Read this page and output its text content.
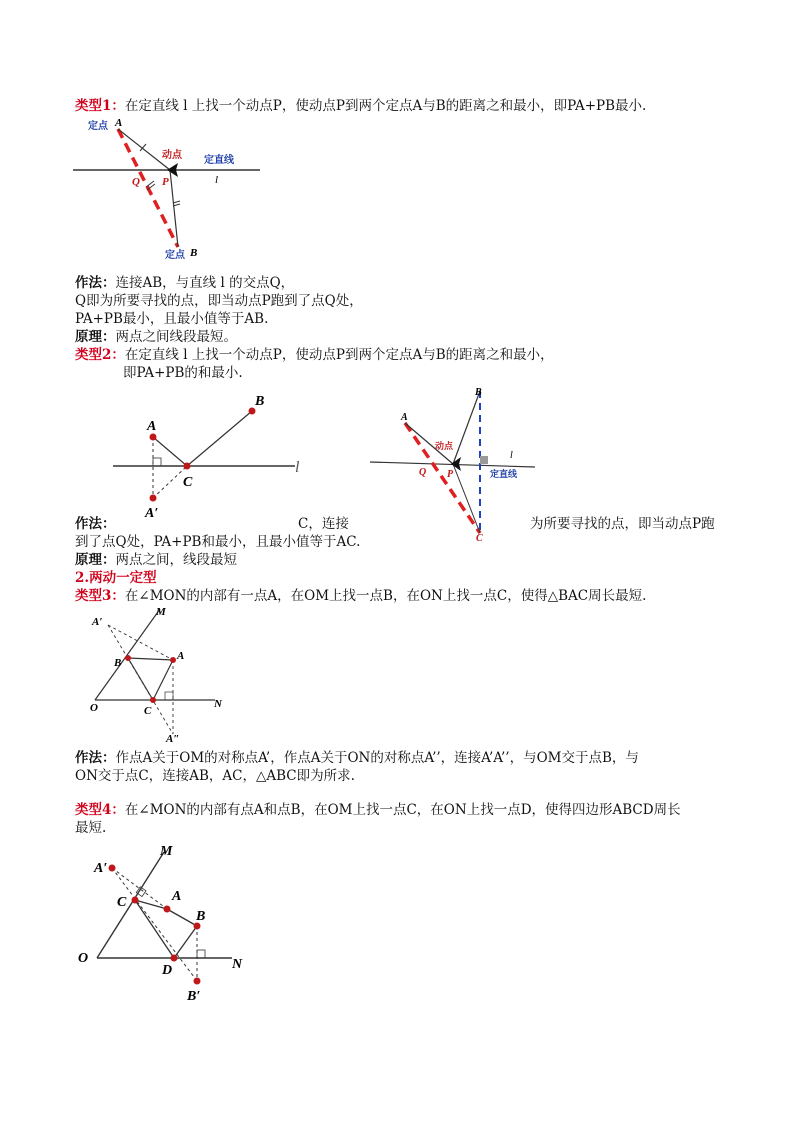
类型1：在定直线 l 上找一个动点P，使动点P到两个定点A与B的距离之和最小，即PA+PB最小.
定点 A
动点 定直线
Q P	l
定点 B
作法：连接AB，与直线 l 的交点Q，
Q即为所要寻找的点，即当动点P跑到了点Q处，
PA+PB最小，且最小值等于AB.
原理：两点之间线段最短。
类型2：在定直线 l 上找一个动点P，使动点P到两个定点A与B的距离之和最小，
即PA+PB的和最小.
A
B
C
A′
l
A
B
动点
l
Q P	定直线
C
作法：	C，连接	为所要寻找的点，即当动点P跑
到了点Q处，PA+PB和最小，且最小值等于AC.
原理：两点之间，线段最短
2.两动一定型
类型3：在∠MON的内部有一点A，在OM上找一点B，在ON上找一点C，使得△BAC周长最短.
O
M
N
A′
B
A
C
A″
作法：作点A关于OM的对称点A’，作点A关于ON的对称点A’’，连接A’A’’，与OM交于点B，与
ON交于点C，连接AB，AC，△ABC即为所求.
类型4：在∠MON的内部有点A和点B，在OM上找一点C，在ON上找一点D，使得四边形ABCD周长
最短.
O
M
N
A′
C	A
B
D
B′
